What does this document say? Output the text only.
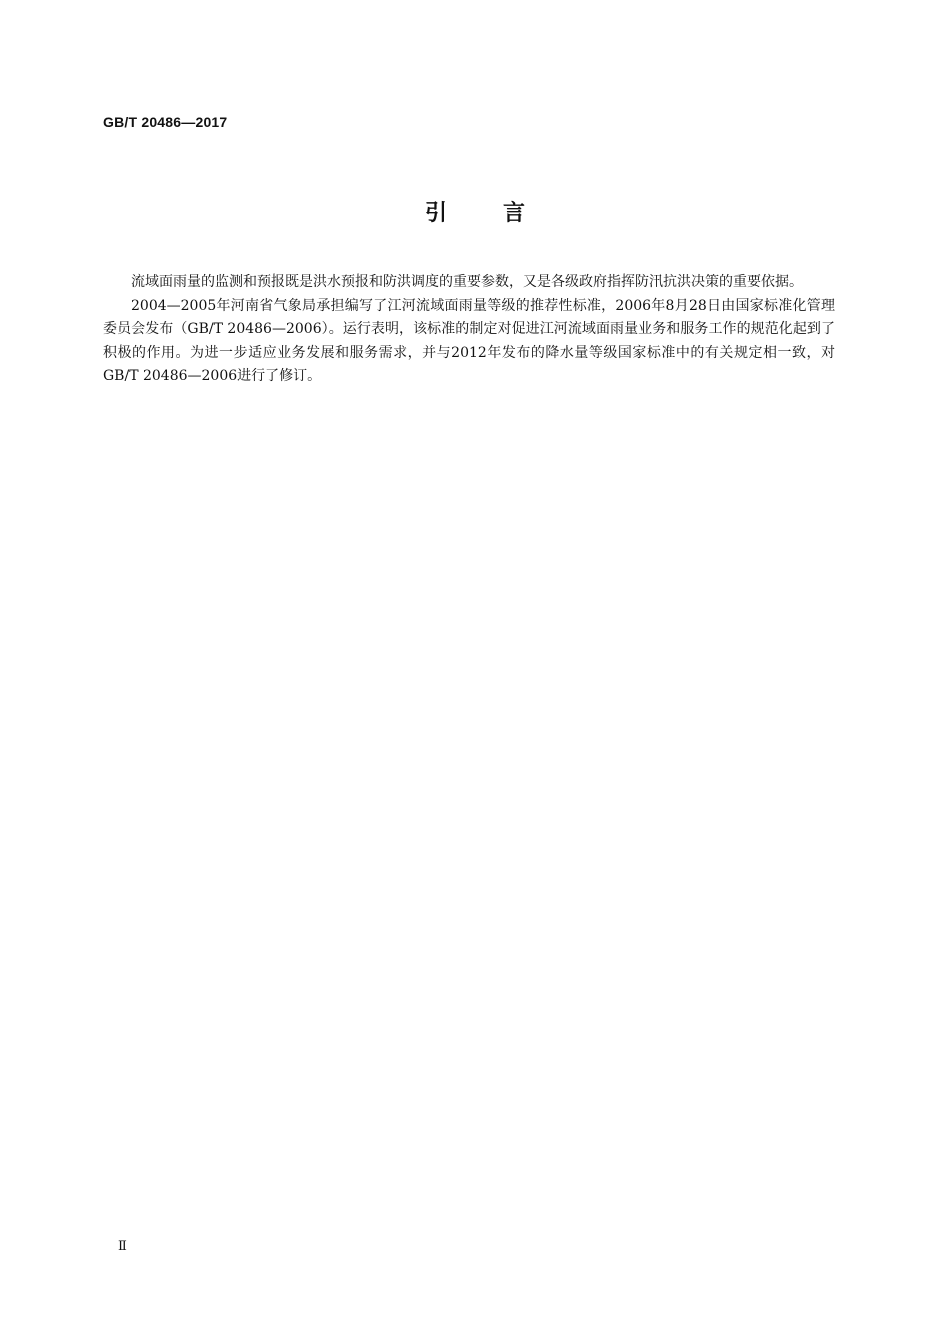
GB/T 20486—2017
引	言

流域面雨量的监测和预报既是洪水预报和防洪调度的重要参数，又是各级政府指挥防汛抗洪决策的重要依据。

2004—2005年河南省气象局承担编写了江河流域面雨量等级的推荐性标准，2006年8月28日由国家标准化管理委员会发布（GB/T 20486—2006）。运行表明，该标准的制定对促进江河流域面雨量业务和服务工作的规范化起到了积极的作用。为进一步适应业务发展和服务需求，并与2012年发布的降水量等级国家标准中的有关规定相一致，对GB/T 20486—2006进行了修订。

Ⅱ
